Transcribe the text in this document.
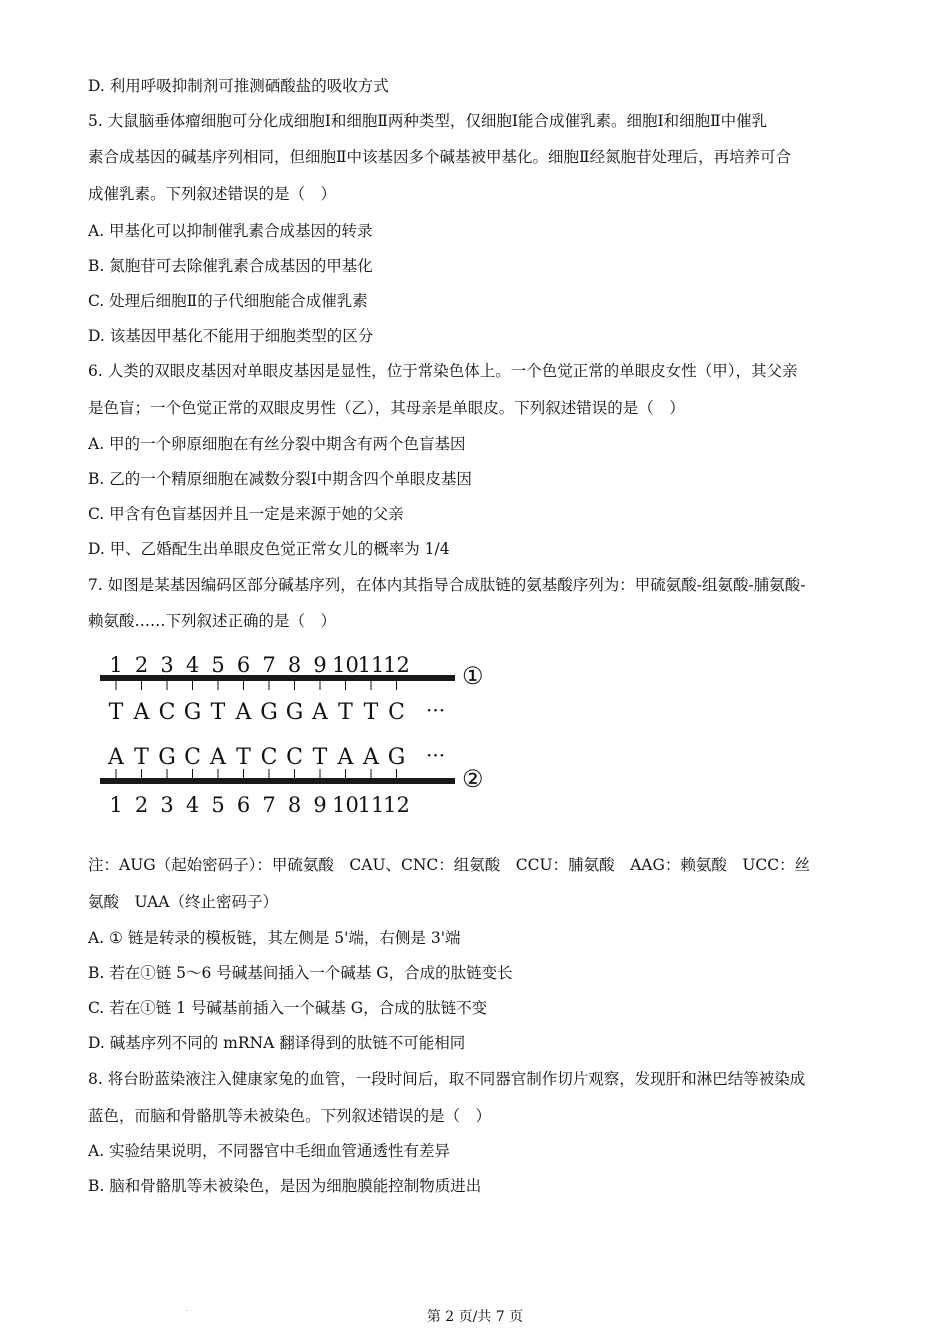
D. 利用呼吸抑制剂可推测硒酸盐的吸收方式
5. 大鼠脑垂体瘤细胞可分化成细胞Ⅰ和细胞Ⅱ两种类型，仅细胞Ⅰ能合成催乳素。细胞Ⅰ和细胞Ⅱ中催乳
素合成基因的碱基序列相同，但细胞Ⅱ中该基因多个碱基被甲基化。细胞Ⅱ经氮胞苷处理后，再培养可合
成催乳素。下列叙述错误的是（　）
A. 甲基化可以抑制催乳素合成基因的转录
B. 氮胞苷可去除催乳素合成基因的甲基化
C. 处理后细胞Ⅱ的子代细胞能合成催乳素
D. 该基因甲基化不能用于细胞类型的区分
6. 人类的双眼皮基因对单眼皮基因是显性，位于常染色体上。一个色觉正常的单眼皮女性（甲），其父亲
是色盲；一个色觉正常的双眼皮男性（乙），其母亲是单眼皮。下列叙述错误的是（　）
A. 甲的一个卵原细胞在有丝分裂中期含有两个色盲基因
B. 乙的一个精原细胞在减数分裂Ⅰ中期含四个单眼皮基因
C. 甲含有色盲基因并且一定是来源于她的父亲
D. 甲、乙婚配生出单眼皮色觉正常女儿的概率为 1/4
7. 如图是某基因编码区部分碱基序列，在体内其指导合成肽链的氨基酸序列为：甲硫氨酸-组氨酸-脯氨酸-
赖氨酸……下列叙述正确的是（　）
1
T
A
1
2
A
T
2
3
C
G
3
4
G
C
4
5
T
A
5
6
A
T
6
7
G
C
7
8
G
C
8
9
A
T
9
10
T
A
10
11
T
A
11
12
C
G
12
···
···
①
②
注：AUG（起始密码子）：甲硫氨酸　CAU、CNC：组氨酸　CCU：脯氨酸　AAG：赖氨酸　UCC：丝
氨酸　UAA（终止密码子）
A. ① 链是转录的模板链，其左侧是 5'端，右侧是 3'端
B. 若在①链 5～6 号碱基间插入一个碱基 G，合成的肽链变长
C. 若在①链 1 号碱基前插入一个碱基 G，合成的肽链不变
D. 碱基序列不同的 mRNA 翻译得到的肽链不可能相同
8. 将台盼蓝染液注入健康家兔的血管，一段时间后，取不同器官制作切片观察，发现肝和淋巴结等被染成
蓝色，而脑和骨骼肌等未被染色。下列叙述错误的是（　）
A. 实验结果说明，不同器官中毛细血管通透性有差异
B. 脑和骨骼肌等未被染色，是因为细胞膜能控制物质进出
.
第 2 页/共 7 页
